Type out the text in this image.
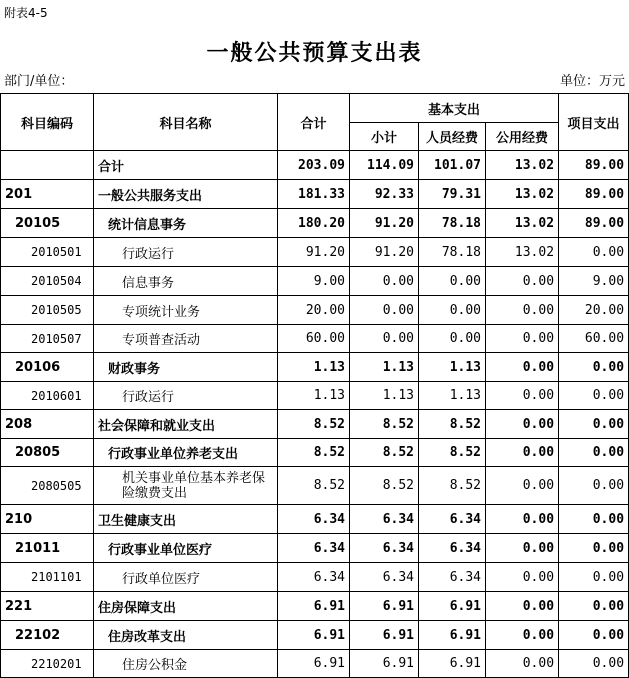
附表4-5
一般公共预算支出表
部门/单位：	单位：万元
科目编码	科目名称	合计	基本支出			项目支出
			小计	人员经费	公用经费	
	合计	203.09	114.09	101.07	13.02	89.00
201	一般公共服务支出	181.33	92.33	79.31	13.02	89.00
20105	统计信息事务	180.20	91.20	78.18	13.02	89.00
2010501	行政运行	91.20	91.20	78.18	13.02	0.00
2010504	信息事务	9.00	0.00	0.00	0.00	9.00
2010505	专项统计业务	20.00	0.00	0.00	0.00	20.00
2010507	专项普查活动	60.00	0.00	0.00	0.00	60.00
20106	财政事务	1.13	1.13	1.13	0.00	0.00
2010601	行政运行	1.13	1.13	1.13	0.00	0.00
208	社会保障和就业支出	8.52	8.52	8.52	0.00	0.00
20805	行政事业单位养老支出	8.52	8.52	8.52	0.00	0.00
2080505	机关事业单位基本养老保险缴费支出	8.52	8.52	8.52	0.00	0.00
210	卫生健康支出	6.34	6.34	6.34	0.00	0.00
21011	行政事业单位医疗	6.34	6.34	6.34	0.00	0.00
2101101	行政单位医疗	6.34	6.34	6.34	0.00	0.00
221	住房保障支出	6.91	6.91	6.91	0.00	0.00
22102	住房改革支出	6.91	6.91	6.91	0.00	0.00
2210201	住房公积金	6.91	6.91	6.91	0.00	0.00
